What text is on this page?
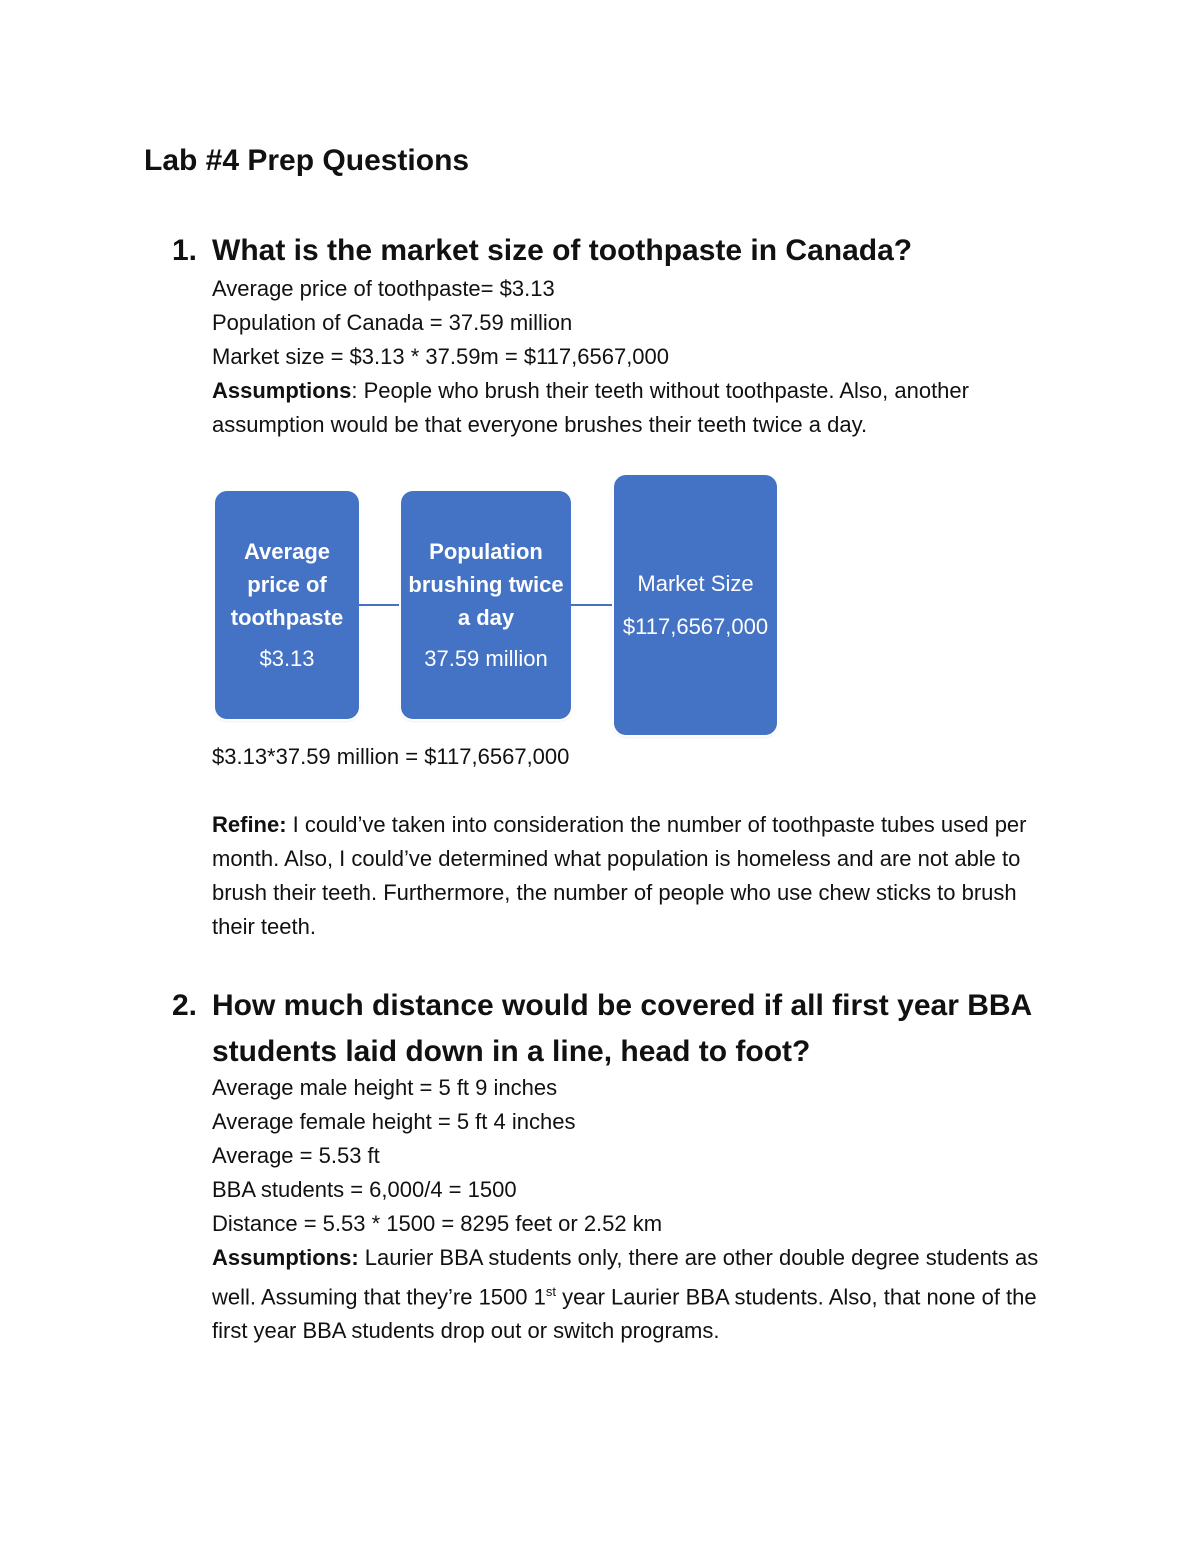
Lab #4 Prep Questions
1. What is the market size of toothpaste in Canada?

Average price of toothpaste= $3.13

Population of Canada = 37.59 million

Market size = $3.13 * 37.59m = $117,6567,000

Assumptions: People who brush their teeth without toothpaste. Also, another assumption would be that everyone brushes their teeth twice a day.

Average price of toothpaste
$3.13
Population brushing twice a day
37.59 million
Market Size
$117,6567,000

$3.13*37.59 million = $117,6567,000

Refine: I could’ve taken into consideration the number of toothpaste tubes used per month. Also, I could’ve determined what population is homeless and are not able to brush their teeth. Furthermore, the number of people who use chew sticks to brush their teeth.

2. How much distance would be covered if all first year BBA students laid down in a line, head to foot?

Average male height = 5 ft 9 inches

Average female height = 5 ft 4 inches

Average = 5.53 ft

BBA students = 6,000/4 = 1500

Distance = 5.53 * 1500 = 8295 feet or 2.52 km

Assumptions: Laurier BBA students only, there are other double degree students as well. Assuming that they’re 1500 1st year Laurier BBA students. Also, that none of the first year BBA students drop out or switch programs.
